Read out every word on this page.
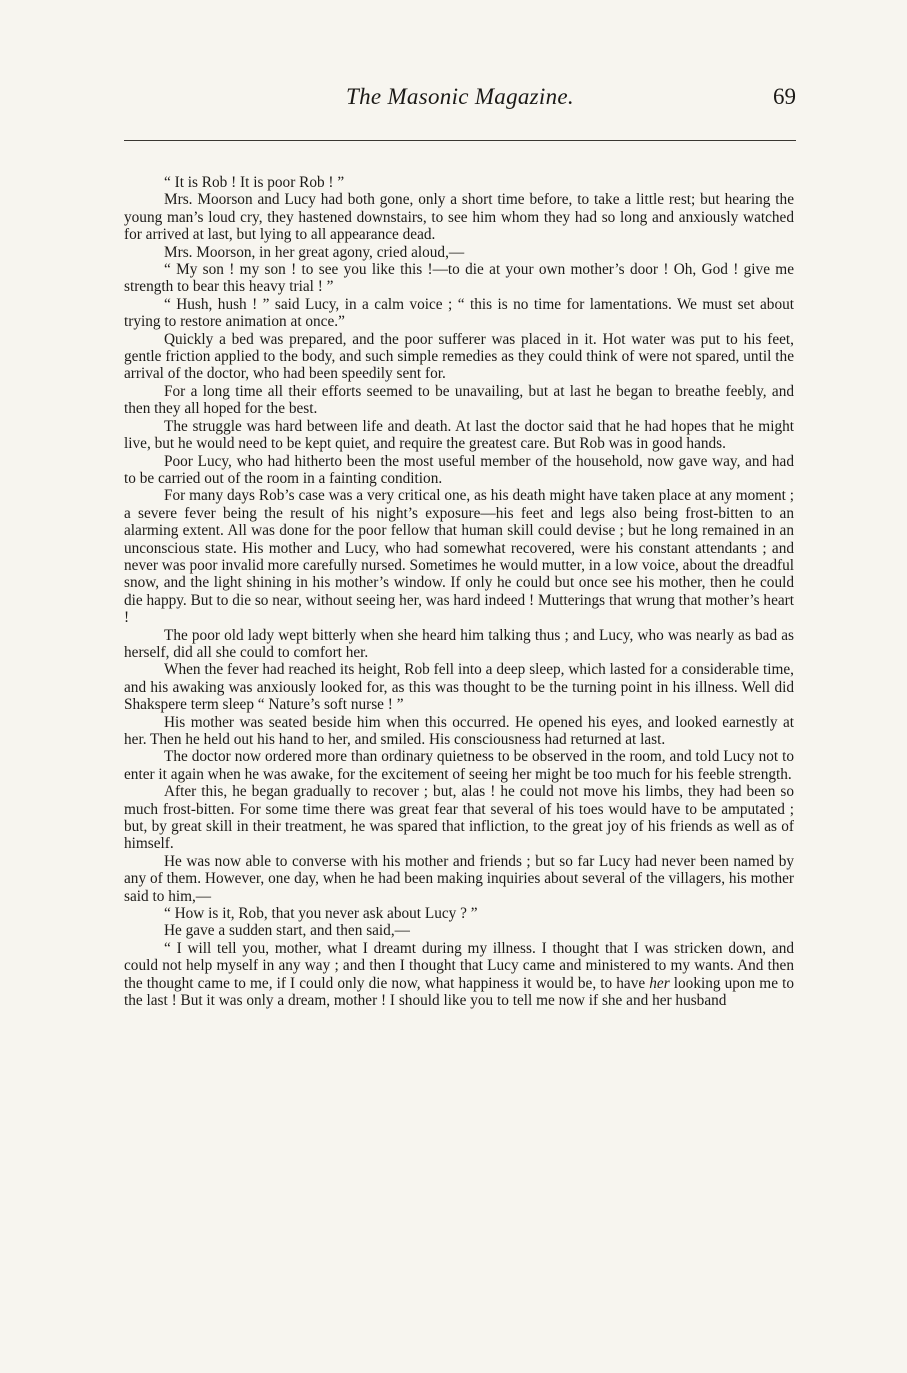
The Masonic Magazine.	69

“ It is Rob ! It is poor Rob ! ”

Mrs. Moorson and Lucy had both gone, only a short time before, to take a little rest; but hearing the young man’s loud cry, they hastened downstairs, to see him whom they had so long and anxiously watched for arrived at last, but lying to all appearance dead.

Mrs. Moorson, in her great agony, cried aloud,—

“ My son ! my son ! to see you like this !—to die at your own mother’s door ! Oh, God ! give me strength to bear this heavy trial ! ”

“ Hush, hush ! ” said Lucy, in a calm voice ; “ this is no time for lamentations. We must set about trying to restore animation at once.”

Quickly a bed was prepared, and the poor sufferer was placed in it. Hot water was put to his feet, gentle friction applied to the body, and such simple remedies as they could think of were not spared, until the arrival of the doctor, who had been speedily sent for.

For a long time all their efforts seemed to be unavailing, but at last he began to breathe feebly, and then they all hoped for the best.

The struggle was hard between life and death. At last the doctor said that he had hopes that he might live, but he would need to be kept quiet, and require the greatest care. But Rob was in good hands.

Poor Lucy, who had hitherto been the most useful member of the household, now gave way, and had to be carried out of the room in a fainting condition.

For many days Rob’s case was a very critical one, as his death might have taken place at any moment ; a severe fever being the result of his night’s exposure—his feet and legs also being frost-bitten to an alarming extent. All was done for the poor fellow that human skill could devise ; but he long remained in an unconscious state. His mother and Lucy, who had somewhat recovered, were his constant attendants ; and never was poor invalid more carefully nursed. Sometimes he would mutter, in a low voice, about the dreadful snow, and the light shining in his mother’s window. If only he could but once see his mother, then he could die happy. But to die so near, without seeing her, was hard indeed ! Mutterings that wrung that mother’s heart !

The poor old lady wept bitterly when she heard him talking thus ; and Lucy, who was nearly as bad as herself, did all she could to comfort her.

When the fever had reached its height, Rob fell into a deep sleep, which lasted for a considerable time, and his awaking was anxiously looked for, as this was thought to be the turning point in his illness. Well did Shakspere term sleep “ Nature’s soft nurse ! ”

His mother was seated beside him when this occurred. He opened his eyes, and looked earnestly at her. Then he held out his hand to her, and smiled. His consciousness had returned at last.

The doctor now ordered more than ordinary quietness to be observed in the room, and told Lucy not to enter it again when he was awake, for the excitement of seeing her might be too much for his feeble strength.

After this, he began gradually to recover ; but, alas ! he could not move his limbs, they had been so much frost-bitten. For some time there was great fear that several of his toes would have to be amputated ; but, by great skill in their treatment, he was spared that infliction, to the great joy of his friends as well as of himself.

He was now able to converse with his mother and friends ; but so far Lucy had never been named by any of them. However, one day, when he had been making inquiries about several of the villagers, his mother said to him,—

“ How is it, Rob, that you never ask about Lucy ? ”

He gave a sudden start, and then said,—

“ I will tell you, mother, what I dreamt during my illness. I thought that I was stricken down, and could not help myself in any way ; and then I thought that Lucy came and ministered to my wants. And then the thought came to me, if I could only die now, what happiness it would be, to have her looking upon me to the last ! But it was only a dream, mother ! I should like you to tell me now if she and her husband
